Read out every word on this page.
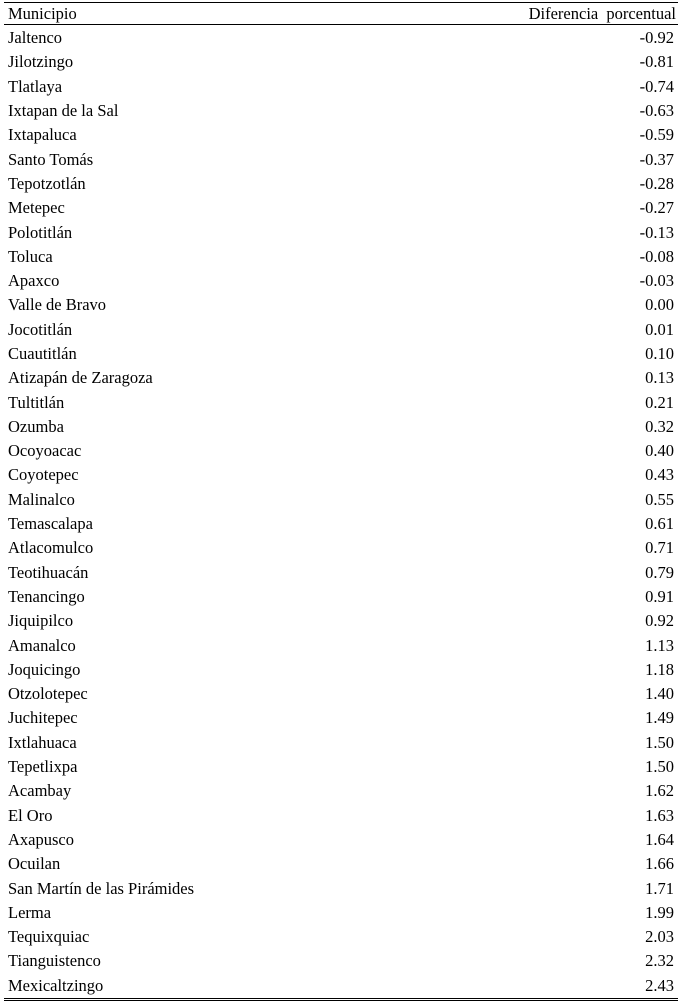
Municipio	Diferencia porcentual
Jaltenco	-0.92
Jilotzingo	-0.81
Tlatlaya	-0.74
Ixtapan de la Sal	-0.63
Ixtapaluca	-0.59
Santo Tomás	-0.37
Tepotzotlán	-0.28
Metepec	-0.27
Polotitlán	-0.13
Toluca	-0.08
Apaxco	-0.03
Valle de Bravo	0.00
Jocotitlán	0.01
Cuautitlán	0.10
Atizapán de Zaragoza	0.13
Tultitlán	0.21
Ozumba	0.32
Ocoyoacac	0.40
Coyotepec	0.43
Malinalco	0.55
Temascalapa	0.61
Atlacomulco	0.71
Teotihuacán	0.79
Tenancingo	0.91
Jiquipilco	0.92
Amanalco	1.13
Joquicingo	1.18
Otzolotepec	1.40
Juchitepec	1.49
Ixtlahuaca	1.50
Tepetlixpa	1.50
Acambay	1.62
El Oro	1.63
Axapusco	1.64
Ocuilan	1.66
San Martín de las Pirámides	1.71
Lerma	1.99
Tequixquiac	2.03
Tianguistenco	2.32
Mexicaltzingo	2.43
